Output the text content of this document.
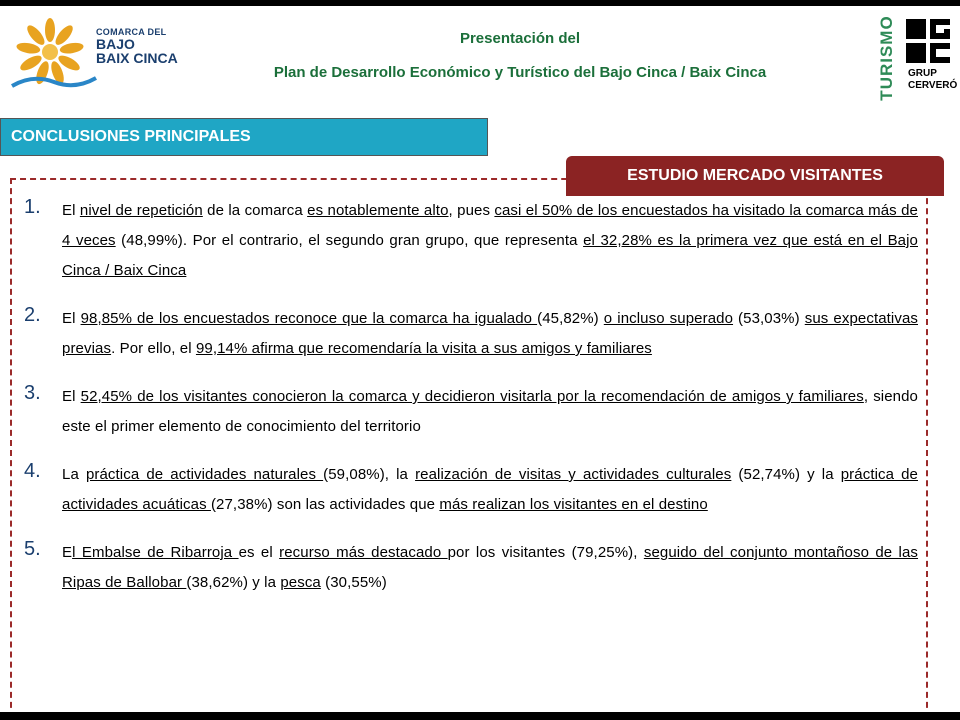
COMARCA DEL
BAJO
BAIX CINCA
Presentación del
Plan de Desarrollo Económico y Turístico del Bajo Cinca / Baix Cinca	TURISMO GRUP
CERVERÓ
CONCLUSIONES PRINCIPALES
ESTUDIO MERCADO VISITANTES
1.	El nivel de repetición de la comarca es notablemente alto, pues casi el 50% de los encuestados ha visitado la comarca más de 4 veces (48,99%). Por el contrario, el segundo gran grupo, que representa el 32,28% es la primera vez que está en el Bajo Cinca / Baix Cinca
2.	El 98,85% de los encuestados reconoce que la comarca ha igualado (45,82%) o incluso superado (53,03%) sus expectativas previas. Por ello, el 99,14% afirma que recomendaría la visita a sus amigos y familiares
3.	El 52,45% de los visitantes conocieron la comarca y decidieron visitarla por la recomendación de amigos y familiares, siendo este el primer elemento de conocimiento del territorio
4.	La práctica de actividades naturales (59,08%), la realización de visitas y actividades culturales (52,74%) y la práctica de actividades acuáticas (27,38%) son las actividades que más realizan los visitantes en el destino
5.	El Embalse de Ribarroja es el recurso más destacado por los visitantes (79,25%), seguido del conjunto montañoso de las Ripas de Ballobar (38,62%) y la pesca (30,55%)
